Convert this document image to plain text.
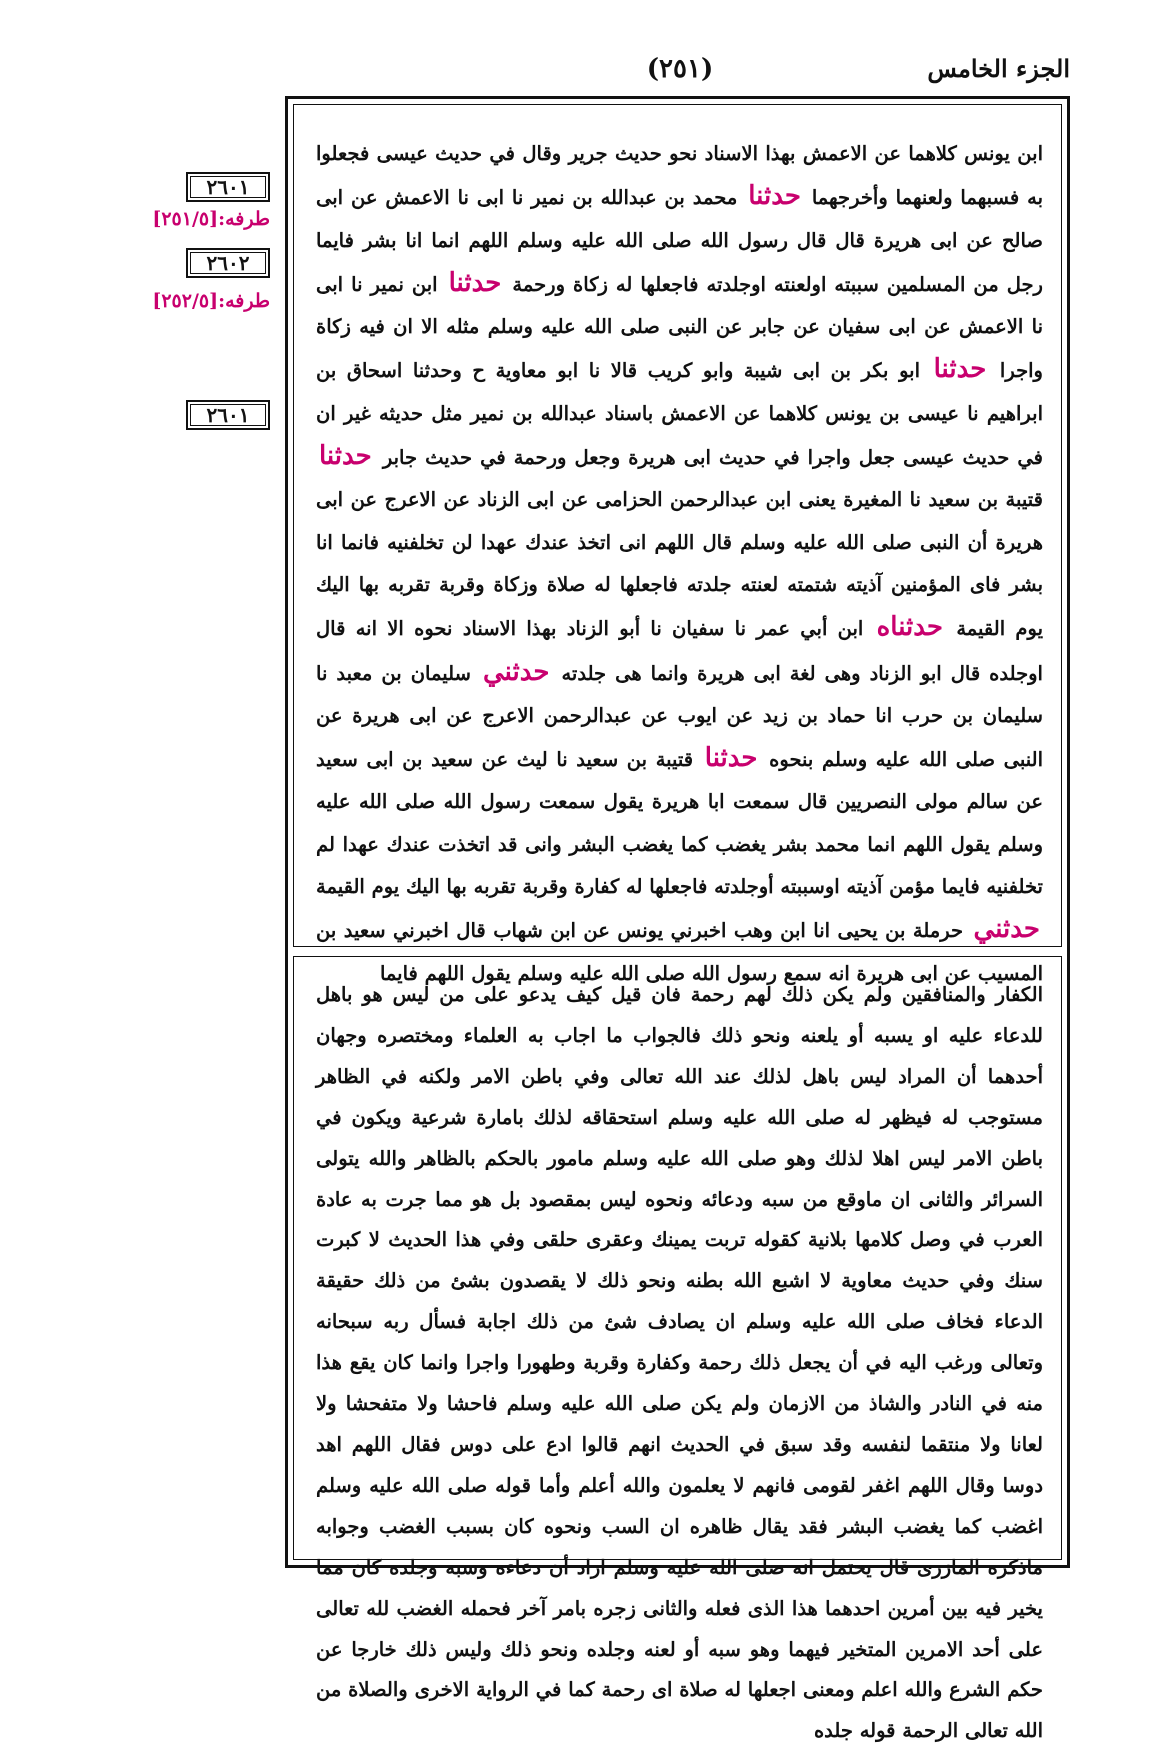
(٢٥١)	الجزء الخامس
٢٦٠١
طرفه:[٢٥١/٥]
٢٦٠٢
طرفه:[٢٥٢/٥]
٢٦٠١
ابن يونس كلاهما عن الاعمش بهذا الاسناد نحو حديث جرير وقال في حديث عيسى فجعلوا به فسبهما ولعنهما وأخرجهما حدثنا محمد بن عبدالله بن نمير نا ابى نا الاعمش عن ابى صالح عن ابى هريرة قال قال رسول الله صلى الله عليه وسلم اللهم انما انا بشر فايما رجل من المسلمين سببته اولعنته اوجلدته فاجعلها له زكاة ورحمة حدثنا ابن نمير نا ابى نا الاعمش عن ابى سفيان عن جابر عن النبى صلى الله عليه وسلم مثله الا ان فيه زكاة واجرا حدثنا ابو بكر بن ابى شيبة وابو كريب قالا نا ابو معاوية ح وحدثنا اسحاق بن ابراهيم نا عيسى بن يونس كلاهما عن الاعمش باسناد عبدالله بن نمير مثل حديثه غير ان في حديث عيسى جعل واجرا في حديث ابى هريرة وجعل ورحمة في حديث جابر حدثنا قتيبة بن سعيد نا المغيرة يعنى ابن عبدالرحمن الحزامى عن ابى الزناد عن الاعرج عن ابى هريرة أن النبى صلى الله عليه وسلم قال اللهم انى اتخذ عندك عهدا لن تخلفنيه فانما انا بشر فاى المؤمنين آذيته شتمته لعنته جلدته فاجعلها له صلاة وزكاة وقربة تقربه بها اليك يوم القيمة حدثناه ابن أبي عمر نا سفيان نا أبو الزناد بهذا الاسناد نحوه الا انه قال اوجلده قال ابو الزناد وهى لغة ابى هريرة وانما هى جلدته حدثني سليمان بن معبد نا سليمان بن حرب انا حماد بن زيد عن ايوب عن عبدالرحمن الاعرج عن ابى هريرة عن النبى صلى الله عليه وسلم بنحوه حدثنا قتيبة بن سعيد نا ليث عن سعيد بن ابى سعيد عن سالم مولى النصريين قال سمعت ابا هريرة يقول سمعت رسول الله صلى الله عليه وسلم يقول اللهم انما محمد بشر يغضب كما يغضب البشر وانى قد اتخذت عندك عهدا لم تخلفنيه فايما مؤمن آذيته اوسببته أوجلدته فاجعلها له كفارة وقربة تقربه بها اليك يوم القيمة حدثني حرملة بن يحيى انا ابن وهب اخبرني يونس عن ابن شهاب قال اخبرني سعيد بن المسيب عن ابى هريرة انه سمع رسول الله صلى الله عليه وسلم يقول اللهم فايما
الكفار والمنافقين ولم يكن ذلك لهم رحمة فان قيل كيف يدعو على من ليس هو باهل للدعاء عليه او يسبه أو يلعنه ونحو ذلك فالجواب ما اجاب به العلماء ومختصره وجهان أحدهما أن المراد ليس باهل لذلك عند الله تعالى وفي باطن الامر ولكنه في الظاهر مستوجب له فيظهر له صلى الله عليه وسلم استحقاقه لذلك بامارة شرعية ويكون في باطن الامر ليس اهلا لذلك وهو صلى الله عليه وسلم مامور بالحكم بالظاهر والله يتولى السرائر والثانى ان ماوقع من سبه ودعائه ونحوه ليس بمقصود بل هو مما جرت به عادة العرب في وصل كلامها بلانية كقوله تربت يمينك وعقرى حلقى وفي هذا الحديث لا كبرت سنك وفي حديث معاوية لا اشبع الله بطنه ونحو ذلك لا يقصدون بشئ من ذلك حقيقة الدعاء فخاف صلى الله عليه وسلم ان يصادف شئ من ذلك اجابة فسأل ربه سبحانه وتعالى ورغب اليه في أن يجعل ذلك رحمة وكفارة وقربة وطهورا واجرا وانما كان يقع هذا منه في النادر والشاذ من الازمان ولم يكن صلى الله عليه وسلم فاحشا ولا متفحشا ولا لعانا ولا منتقما لنفسه وقد سبق في الحديث انهم قالوا ادع على دوس فقال اللهم اهد دوسا وقال اللهم اغفر لقومى فانهم لا يعلمون والله أعلم وأما قوله صلى الله عليه وسلم اغضب كما يغضب البشر فقد يقال ظاهره ان السب ونحوه كان بسبب الغضب وجوابه ماذكره المازرى قال يحتمل انه صلى الله عليه وسلم اراد أن دعاءه وسبه وجلده كان مما يخير فيه بين أمرين احدهما هذا الذى فعله والثانى زجره بامر آخر فحمله الغضب لله تعالى على أحد الامرين المتخير فيهما وهو سبه أو لعنه وجلده ونحو ذلك وليس ذلك خارجا عن حكم الشرع والله اعلم ومعنى اجعلها له صلاة اى رحمة كما في الرواية الاخرى والصلاة من الله تعالى الرحمة قوله جلده
